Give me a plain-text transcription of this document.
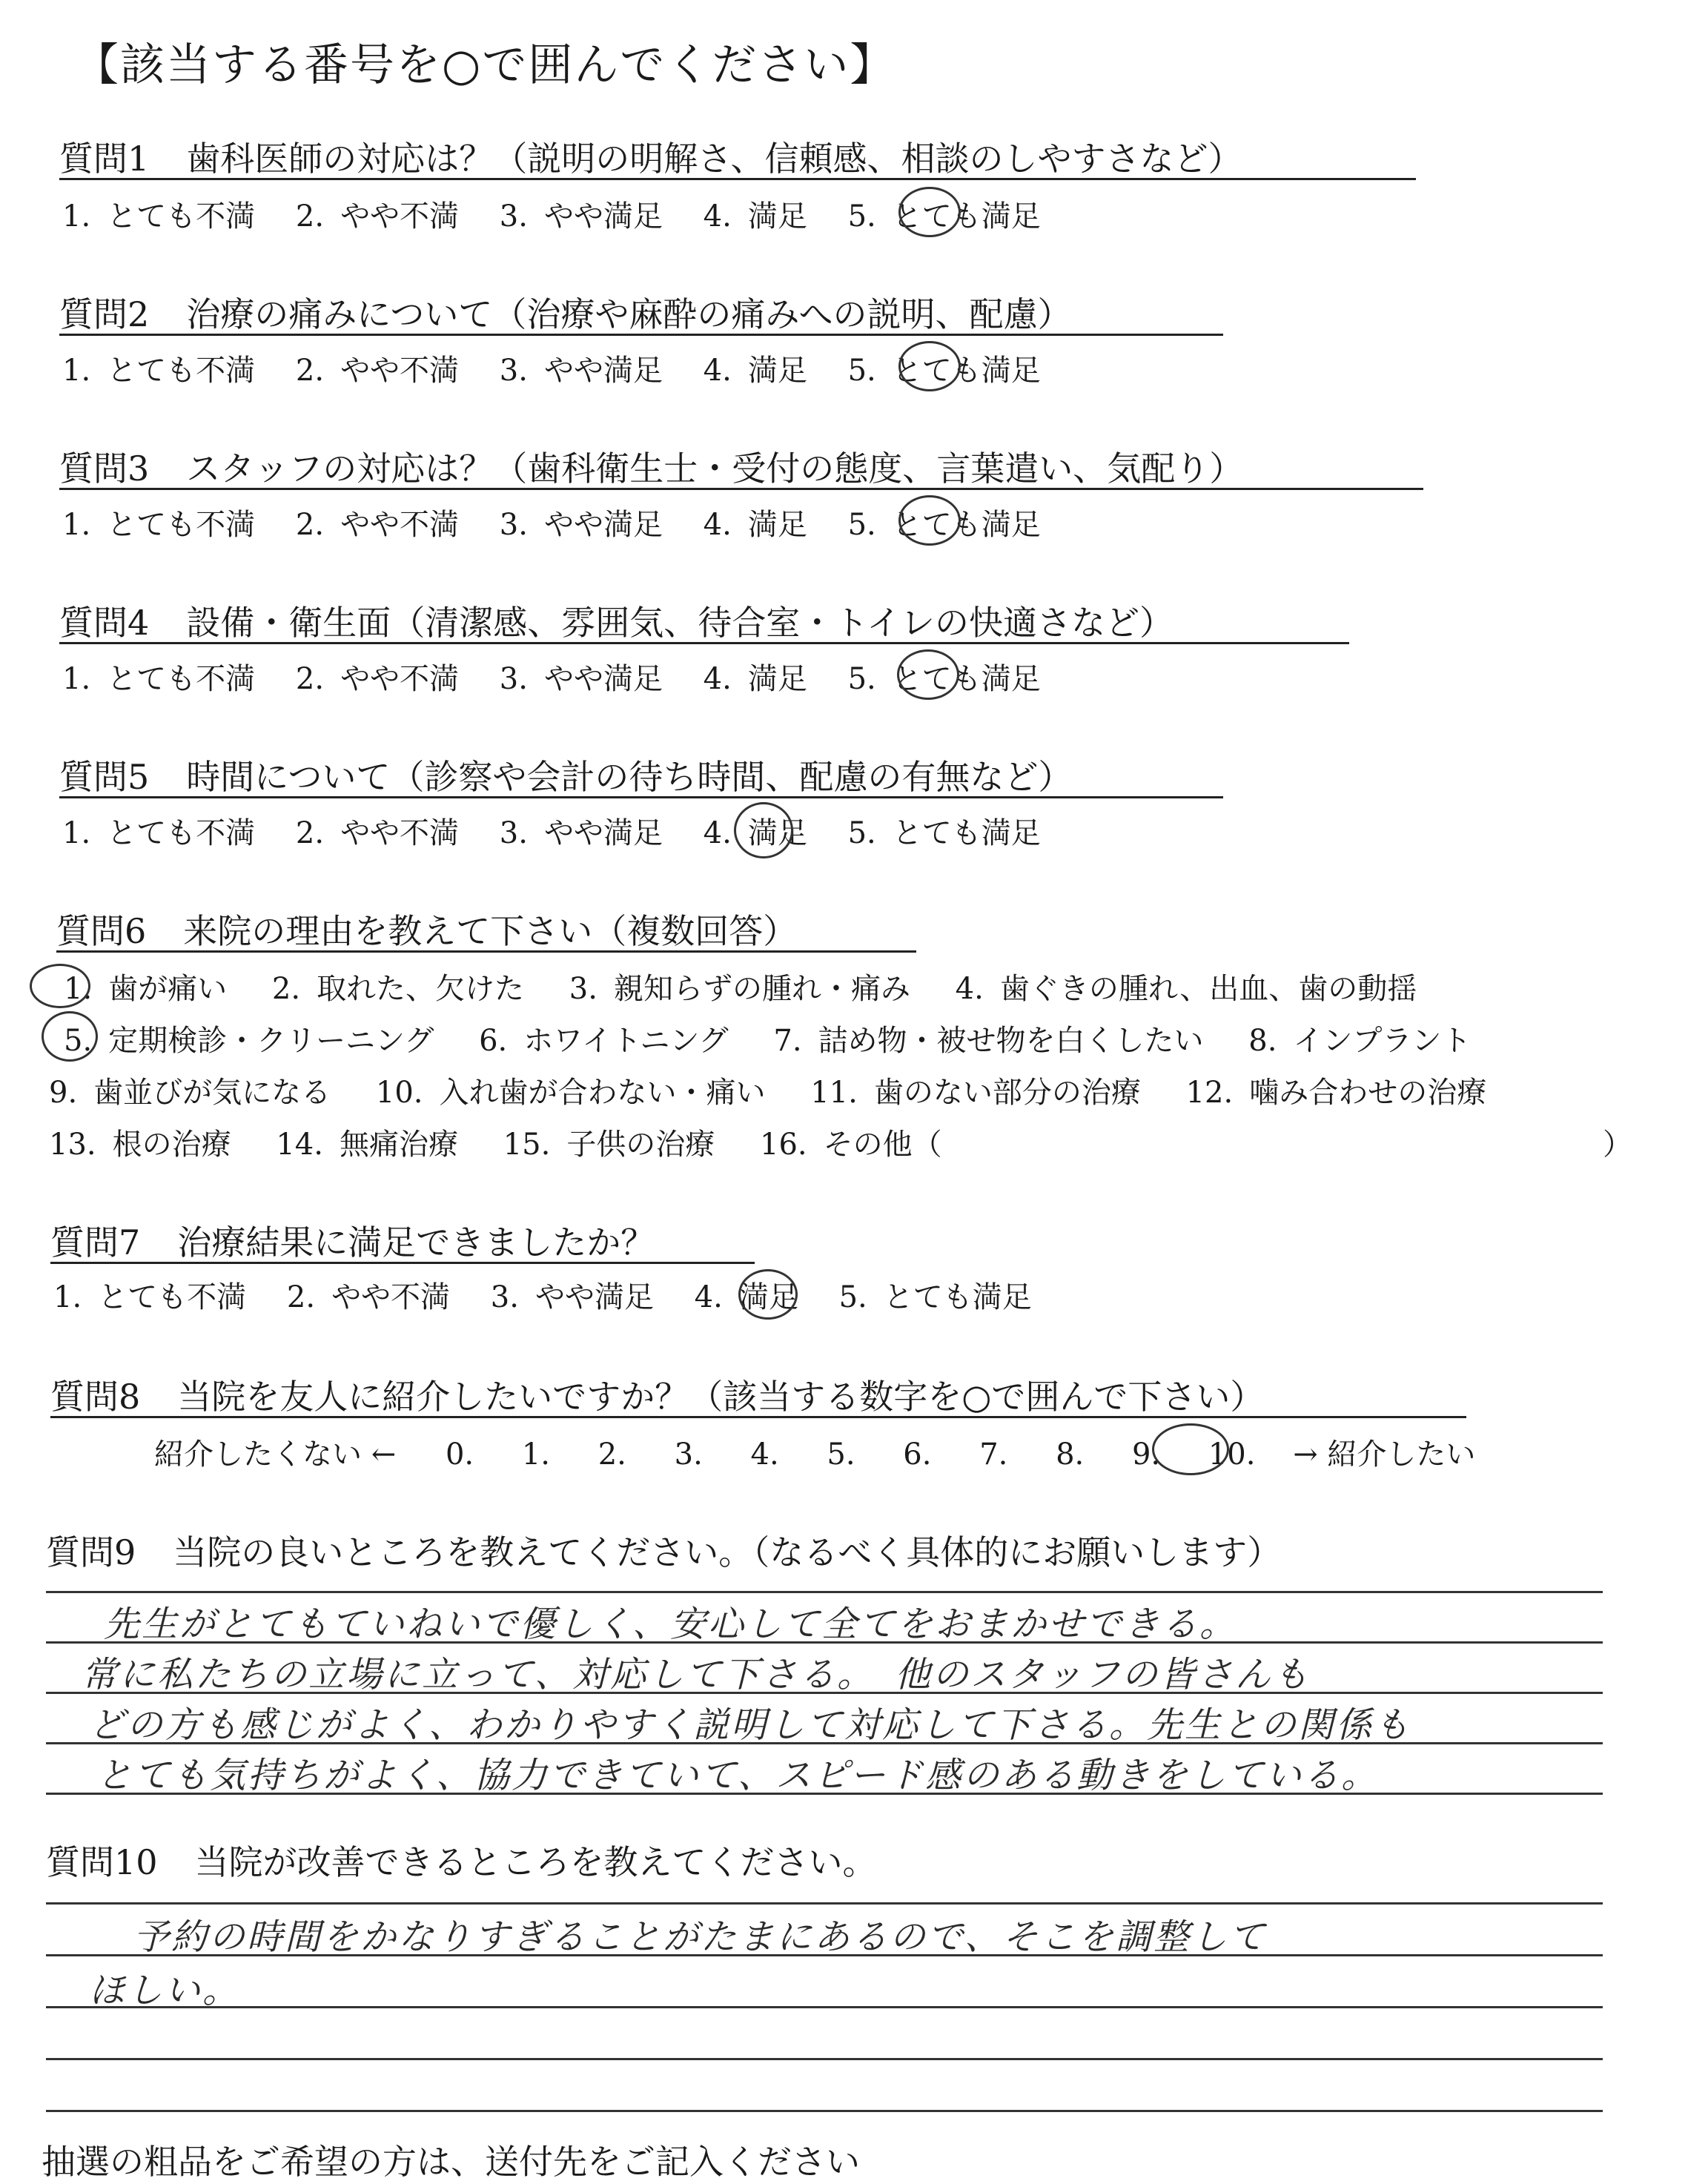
【該当する番号を○で囲んでください】
質問1 歯科医師の対応は？（説明の明解さ、信頼感、相談のしやすさなど）
1. とても不満 2. やや不満 3. やや満足 4. 満足 5. とても満足
質問2 治療の痛みについて（治療や麻酔の痛みへの説明、配慮）
1. とても不満 2. やや不満 3. やや満足 4. 満足 5. とても満足
質問3 スタッフの対応は？（歯科衛生士・受付の態度、言葉遣い、気配り）
1. とても不満 2. やや不満 3. やや満足 4. 満足 5. とても満足
質問4 設備・衛生面（清潔感、雰囲気、待合室・トイレの快適さなど）
1. とても不満 2. やや不満 3. やや満足 4. 満足 5. とても満足
質問5 時間について（診察や会計の待ち時間、配慮の有無など）
1. とても不満 2. やや不満 3. やや満足 4. 満足 5. とても満足
質問6 来院の理由を教えて下さい（複数回答）
1. 歯が痛い 2. 取れた、欠けた 3. 親知らずの腫れ・痛み 4. 歯ぐきの腫れ、出血、歯の動揺
5. 定期検診・クリーニング 6. ホワイトニング 7. 詰め物・被せ物を白くしたい 8. インプラント
9. 歯並びが気になる 10. 入れ歯が合わない・痛い 11. 歯のない部分の治療 12. 噛み合わせの治療
13. 根の治療 14. 無痛治療 15. 子供の治療 16. その他（	）
質問7 治療結果に満足できましたか？
1. とても不満 2. やや不満 3. やや満足 4. 満足 5. とても満足
質問8 当院を友人に紹介したいですか？（該当する数字を○で囲んで下さい）
紹介したくない ← 0. 1. 2. 3. 4. 5. 6. 7. 8. 9. 10. → 紹介したい
質問9 当院の良いところを教えてください。（なるべく具体的にお願いします）
先生がとてもていねいで優しく、安心して全てをおまかせできる。
常に私たちの立場に立って、対応して下さる。　他のスタッフの皆さんも
どの方も感じがよく、わかりやすく説明して対応して下さる。先生との関係も
とても気持ちがよく、協力できていて、スピード感のある動きをしている。
質問10 当院が改善できるところを教えてください。
予約の時間をかなりすぎることがたまにあるので、そこを調整して
ほしい。
抽選の粗品をご希望の方は、送付先をご記入ください
